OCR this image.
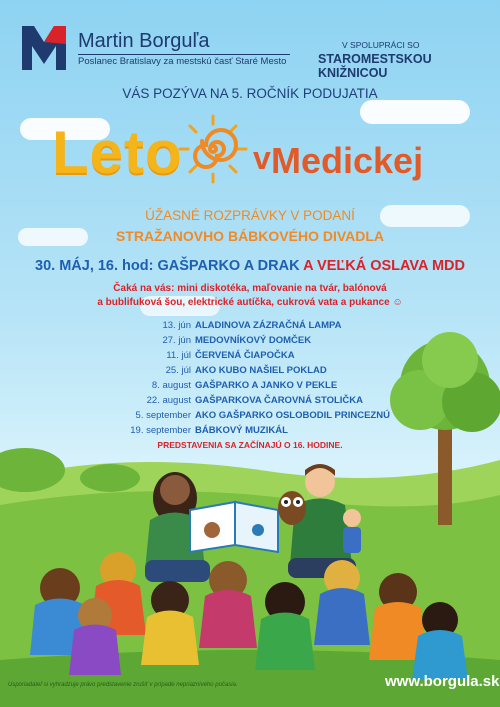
Martin Borguľa
Poslanec Bratislavy za mestskú časť Staré Mesto
V SPOLUPRÁCI SO
STAROMESTSKOU KNIŽNICOU
VÁS POZÝVA NA 5. ROČNÍK PODUJATIA
Leto v Medickej
ÚŽASNÉ ROZPRÁVKY V PODANÍ
STRAŽANOVHO BÁBKOVÉHO DIVADLA
30. MÁJ, 16. hod: GAŠPARKO A DRAK A VEĽKÁ OSLAVA MDD
Čaká na vás: mini diskotéka, maľovanie na tvár, balónová
a bublifuková šou, elektrické autíčka, cukrová vata a pukance ☺
13. jún ALADINOVA ZÁZRAČNÁ LAMPA
27. jún MEDOVNÍKOVÝ DOMČEK
11. júl ČERVENÁ ČIAPOČKA
25. júl AKO KUBO NAŠIEL POKLAD
8. august GAŠPARKO A JANKO V PEKLE
22. august GAŠPARKOVA ČAROVNÁ STOLIČKA
5. september AKO GAŠPARKO OSLOBODIL PRINCEZNÚ
19. september BÁBKOVÝ MUZIKÁL
PREDSTAVENIA SA ZAČÍNAJÚ O 16. HODINE.
Usporiadateľ si vyhradzuje právo predstavenie zrušiť v prípade nepriaznivého počasia.	www.borgula.sk
